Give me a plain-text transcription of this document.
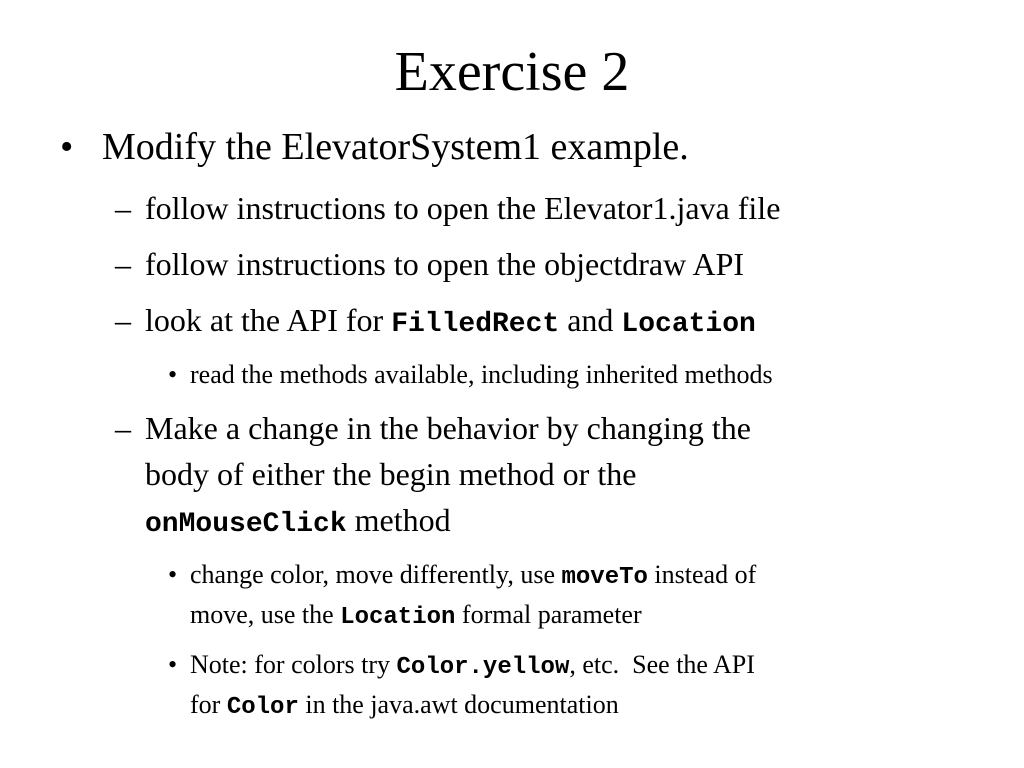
Exercise 2
• Modify the ElevatorSystem1 example.
– follow instructions to open the Elevator1.java file
– follow instructions to open the objectdraw API
– look at the API for FilledRect and Location
• read the methods available, including inherited methods
– Make a change in the behavior by changing the
body of either the begin method or the
onMouseClick method
• change color, move differently, use moveTo instead of
move, use the Location formal parameter
• Note: for colors try Color.yellow, etc.  See the API
for Color in the java.awt documentation
